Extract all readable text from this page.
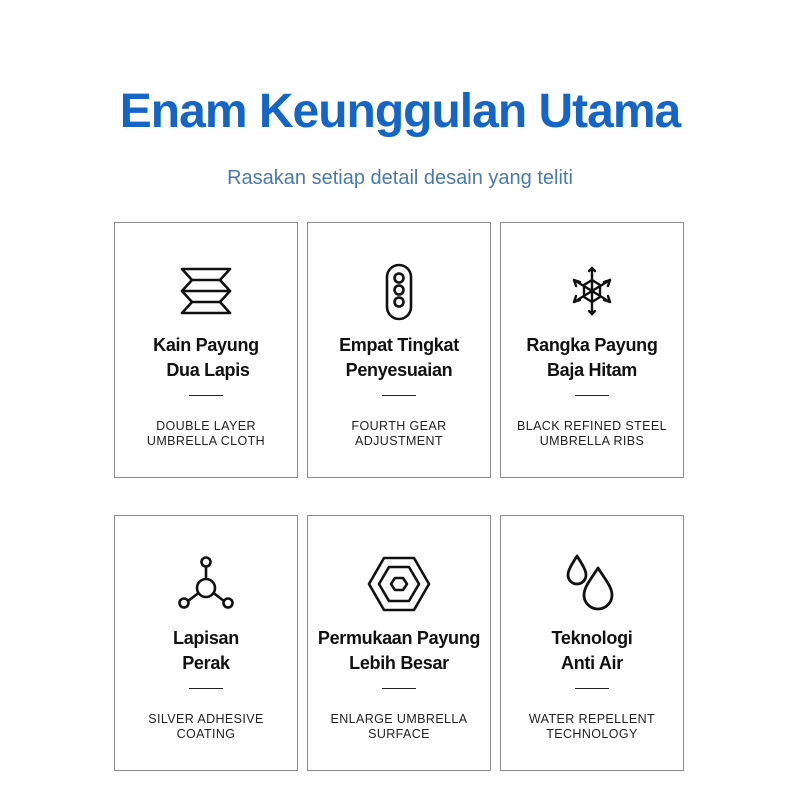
Enam Keunggulan Utama
Rasakan setiap detail desain yang teliti
Kain Payung
Dua Lapis
DOUBLE LAYER
UMBRELLA CLOTH
Empat Tingkat
Penyesuaian
FOURTH GEAR
ADJUSTMENT
Rangka Payung
Baja Hitam
BLACK REFINED STEEL
UMBRELLA RIBS
Lapisan
Perak
SILVER ADHESIVE
COATING
Permukaan Payung
Lebih Besar
ENLARGE UMBRELLA
SURFACE
Teknologi
Anti Air
WATER REPELLENT
TECHNOLOGY
